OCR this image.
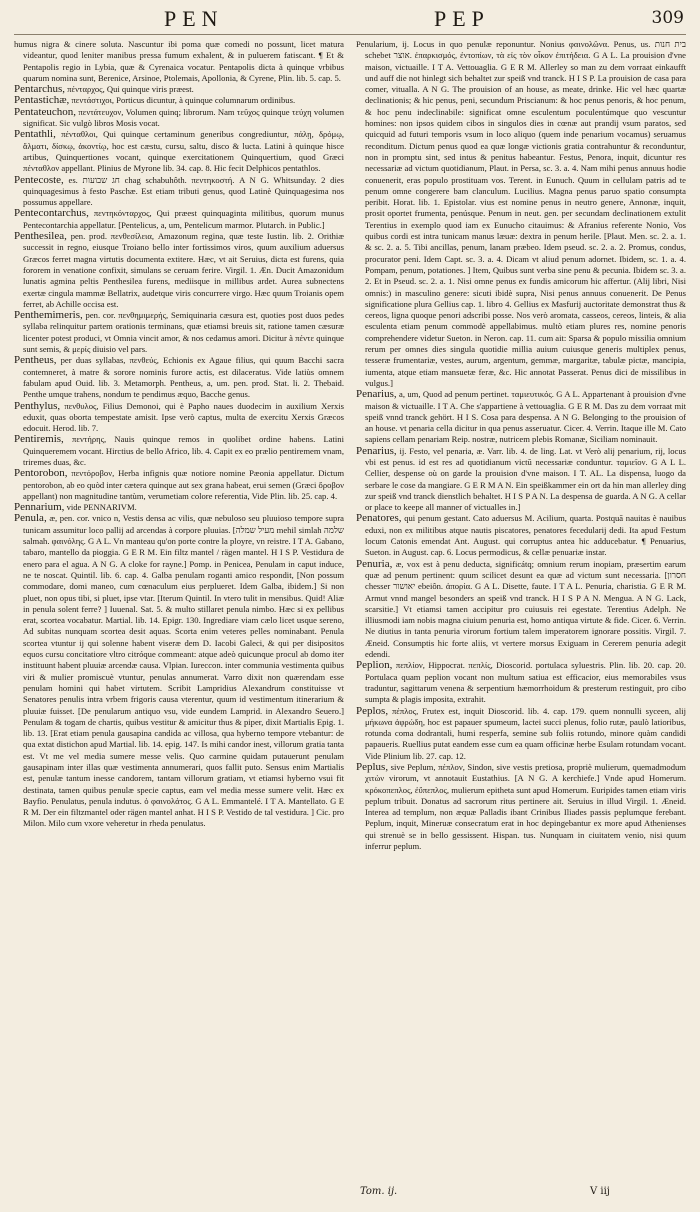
PEN	PEP	309

humus nigra & cinere soluta. Nascuntur ibi poma quæ comedi no possunt, licet matura videantur, quod leniter manibus pressa fumum exhalent, & in puluerem fatiscant. ¶ Et & Pentapolis regio in Lybia, quæ & Cyrenaica vocatur. Pentapolis dicta à quinque vrbibus quarum nomina sunt, Berenice, Arsinoe, Ptolemais, Apollonia, & Cyrene, Plin. lib. 5. cap. 5.

Pentarchus, πένταρχος, Qui quinque viris præest.

Pentastichæ, πεντάστιχοι, Porticus dicuntur, à quinque columnarum ordinibus.

Pentateuchon, πεντάτευχον, Volumen quinq; librorum. Nam τεῦχος quinque τεύχη volumen significat. Sic vulgò libros Mosis vocat.

Pentathli, πένταθλοι, Qui quinque certaminum generibus congrediuntur, πάλῃ, δρόμῳ, ἅλματι, δίσκῳ, ἀκοντίῳ, hoc est cæstu, cursu, saltu, disco & lucta. Latini à quinque hisce artibus, Quinquertiones vocant, quinque exercitationem Quinquertium, quod Græci πένταθλον appellant. Plinius de Myrone lib. 34. cap. 8. Hic fecit Delphicos pentathlos.

Pentecoste, es. חג שבועות chag schabuhôth. πεντηκοστή. A N G. Whitsunday. 2 dies quinquagesimus à festo Paschæ. Est etiam tributi genus, quod Latinè Quinquagesima nos possumus appellare.

Pentecontarchus, πεντηκόνταρχος, Qui præest quinquaginta militibus, quorum munus Pentecontarchia appellatur. [Pentelicus, a, um, Pentelicum marmor. Plutarch. in Public.]

Penthesilea, pen. prod. πενθεσίλεια, Amazonum regina, quæ teste Iustin. lib. 2. Orithiæ successit in regno, eiusque Troiano bello inter fortissimos viros, quum auxilium aduersus Græcos ferret magna virtutis documenta extitere. Hæc, vt ait Seruius, dicta est furens, quia fororem in venatione confixit, simulans se ceruam ferire. Virgil. 1. Æn. Ducit Amazonidum lunatis agmina peltis Penthesilea furens, mediisque in millibus ardet. Aurea subnectens exertæ cingula mammæ Bellatrix, audetque viris concurrere virgo. Hæc quum Troianis opem ferret, ab Achille occisa est.

Penthemimeris, pen. cor. πενθημιμερής, Semiquinaria cæsura est, quoties post duos pedes syllaba relinquitur partem orationis terminans, quæ etiamsi breuis sit, ratione tamen cæsuræ licenter potest produci, vt Omnia vincit amor, & nos cedamus amori. Dicitur à πέντε quinque sunt semis, & μερίς diuisio vel pars.

Pentheus, per duas syllabas, πενθεύς, Echionis ex Agaue filius, qui quum Bacchi sacra contemneret, à matre & sorore nominis furore actis, est dilaceratus. Vide latiùs omnem fabulam apud Ouid. lib. 3. Metamorph. Pentheus, a, um. pen. prod. Stat. li. 2. Thebaid. Penthe umque trahens, nondum te pendimus æquo, Bacche genus.

Penthylus, πενθυλος, Filius Demonoi, qui è Papho naues duodecim in auxilium Xerxis eduxit, quas oborta tempestate amisit. Ipse verò captus, multa de exercitu Xerxis Græcos edocuit. Herod. lib. 7.

Pentiremis, πεντήρης, Nauis quinque remos in quolibet ordine habens. Latini Quinqueremem vocant. Hirctius de bello Africo, lib. 4. Capit ex eo prælio pentiremem vnam, triremes duas, &c.

Pentorobon, πεντόροβον, Herba infignis quæ notiore nomine Pæonia appellatur. Dictum pentorobon, ab eo quòd inter cætera quinque aut sex grana habeat, erui semen (Græci ὄροβον appellant) non magnitudine tantùm, verumetiam colore referentia, Vide Plin. lib. 25. cap. 4.

Pennarium, vide PENNARIVM.

Penula, æ, pen. cor. vnico n, Vestis densa ac vilis, quæ nebuloso seu pluuioso tempore supra tunicam assumitur loco pallij ad arcendas à corpore pluuias. [מעיל שמלה mehil simlah שלמה salmah. φαινόλης. G A L. Vn manteau qu'on porte contre la ployre, vn reistre. I T A. Gabano, tabaro, mantello da pioggia. G E R M. Ein filtz mantel / rägen mantel. H I S P. Vestidura de enero para el agua. A N G. A cloke for rayne.] Pomp. in Penicea, Penulam in caput induce, ne te noscat. Quintil. lib. 6. cap. 4. Galba penulam roganti amico respondit, [Non possum commodare, domi maneo, cum cœnaculum eius perplueret. Idem Galba, ibidem.] Si non pluet, non opus tibi, si pluet, ipse vtar. [Iterum Quintil. In vtero tulit in mensibus. Quid! Aliæ in penula solent ferre? ] Iuuenal. Sat. 5. & multo stillaret penula nimbo. Hæc si ex pellibus erat, scortea vocabatur. Martial. lib. 14. Epigr. 130. Ingrediare viam cælo licet usque sereno, Ad subitas nunquam scortea desit aquas. Scorta enim veteres pelles nominabant. Penula scortea vtuntur ij qui solenne habent viseræ dem D. Iacobi Galeci, & qui per disipositos equos cursu concitatiore vltro citróque commeant: atque adeò quicunque procul ab domo iter instituunt habent pluuiæ arcendæ causa. Vlpian. Iureccon. inter communia vestimenta quibus viri & mulier promiscuè vtuntur, penulas annumerat. Varro dixit non quærendam esse penulam homini qui habet virtutem. Scribit Lampridius Alexandrum constituisse vt Senatores penulis intra vrbem frigoris causa vterentur, quum id vestimentum itinerarium & pluuiæ fuisset. [De penularum antiquo vsu, vide eundem Lamprid. in Alexandro Seuero.] Penulam & togam de chartis, quibus vestitur & amicitur thus & piper, dixit Martialis Epig. 1. lib. 13. [Erat etiam penula gausapina candida ac villosa, qua hyberno tempore vtebantur: de qua extat distichon apud Martial. lib. 14. epig. 147. Is mihi candor inest, villorum gratia tanta est. Vt me vel media sumere messe velis. Quo carmine quidam putauerunt penulam gausapinam inter illas quæ vestimenta annumerari, quos fallit puto. Sensus enim Martialis est, penulæ tantum inesse candorem, tantam villorum gratiam, vt etiamsi hyberno vsui fit destinata, tamen quibus penulæ specie captus, eam vel media messe sumere velit. Hæc ex Bayfio. Penulatus, penula indutus. ὁ φαινολάτος. G A L. Emmantelé. I T A. Mantellato. G E R M. Der ein filtzmantel oder rägen mantel anhat. H I S P. Vestido de tal vestidura. ] Cic. pro Milon. Milo cum vxore veheretur in rheda penulatus.

Penularium, ij. Locus in quo penulæ reponuntur. Nonius φαινολῶνα. Penus, us. בית חנות schebet אוצר. ἐπαρκισμός, ἐντοπίων, τὰ εἰς τὸν οἶκον ἐπιτήδεια. G A L. La prouision d'vne maison, victuaille. I T A. Vettouaglia. G E R M. Allerley so man zu dem vorraat einkaufft und auff die not hinlegt sich behaltet zur speiß vnd tranck. H I S P. La prouision de casa para comer, vitualla. A N G. The prouision of an house, as meate, drinke. Hic vel hæc quartæ declinationis; & hic penus, peni, secundum Priscianum: & hoc penus penoris, & hoc penum, & hoc penu indeclinabile: significat omne esculentum poculentúmque quo vescuntur homines: non ipsos quidem cibos in singulos dies in cœnæ aut prandij vsum paratos, sed quicquid ad futuri temporis vsum in loco aliquo (quem inde penarium vocamus) seruamus reconditum. Dictum penus quod ea quæ longæ victionis gratia contrahuntur & reconduntur, non in promptu sint, sed intus & penitus habeantur. Festus, Penora, inquit, dicuntur res necessariæ ad victum quotidianum, Plaut. in Persa, sc. 3. a. 4. Nam mihi penus annuus hodie conuenerit, eras populo prostituam vos. Terent. in Eunuch. Quum in cellulam patris ad te penum omne congerere bam clanculum. Lucilius. Magna penus paruo spatio consumpta peribit. Horat. lib. 1. Epistolar. vius est nomine penus in neutro genere, Annonæ, inquit, prosit oportet frumenta, penúsque. Penum in neut. gen. per secundam declinationem extulit Terentius in exemplo quod iam ex Eunucho citauimus: & Afranius referente Nonio, Vos quibus cordi est intra tunicam manus læuæ: dextra in penum herile. [Plaut. Men. sc. 2. a. 1. & sc. 2. a. 5. Tibi ancillas, penum, lanam præbeo. Idem pseud. sc. 2. a. 2. Promus, condus, procurator peni. Idem Capt. sc. 3. a. 4. Dicam vt aliud penum adornet. Ibidem, sc. 1. a. 4. Pompam, penum, potationes. ] Item, Quibus sunt verba sine penu & pecunia. Ibidem sc. 3. a. 2. Et in Pseud. sc. 2. a. 1. Nisi omne penus ex fundis amicorum hic affertur. (Alij libri, Nisi omnis:) in masculino genere: sicuti ibidè supra, Nisi penus annuus conuenerit. De Penus significatione plura Gellius cap. 1. libro 4. Gellius ex Masfurij auctoritate demonstrat thus & cereos, ligna quoque penori adscribi posse. Nos verò aromata, casseos, cereos, linteis, & alia esculenta etiam penum commodè appellabimus. multò etiam plures res, nomine penoris comprehendere videtur Sueton. in Neron. cap. 11. cum ait: Sparsa & populo missilia omnium rerum per omnes dies singula quotidie millia auium cuiusque generis multiplex penus, tesseræ frumentariæ, vestes, aurum, argentum, gemmæ, margaritæ, tabulæ pictæ, mancipia, iumenta, atque etiam mansuetæ feræ, &c. Hic annotat Passerat. Penus dici de missilibus in vulgus.]

Penarius, a, um, Quod ad penum pertinet. ταμιευτικός. G A L. Appartenant à prouision d'vne maison & victuaille. I T A. Che s'appartiene à vettouaglia. G E R M. Das zu dem vorraat mit speiß vnnd tranck gehört. H I S. Cosa para despensa. A N G. Belonging to the prouision of an house. vt penaria cella dicitur in qua penus asseruatur. Cicer. 4. Verrin. Itaque ille M. Cato sapiens cellam penariam Reip. nostræ, nutricem plebis Romanæ, Siciliam nominauit.

Penarius, ij. Festo, vel penaria, æ. Varr. lib. 4. de ling. Lat. vt Verò alij penarium, rij, locus vbi est penus. id est res ad quotidianum victū necessariæ conduntur. ταμιεῖον. G A L L. Cellier, despense où on garde la prouision d'vne maison. I T. AL. La dispensa, luogo da serbare le cose da mangiare. G E R M A N. Ein speißkammer ein ort da hin man allerley ding zur speiß vnd tranck dienstlich behaltet. H I S P A N. La despensa de guarda. A N G. A cellar or place to keepe all manner of victualles in.]

Penatores, qui penum gestant. Cato aduersus M. Acilium, quarta. Postquā nauitas è nauibus eduxi, non ex militibus atque nautis piscatores, penatores fecedularij dedi. Ita apud Festum locum Catonis emendat Ant. August. qui corruptus antea hic adducebatur. ¶ Penuarius, Sueton. in August. cap. 6. Locus permodicus, & cellæ penuariæ instar.

Penuria, æ, vox est à penu deducta, significátq; omnium rerum inopiam, præsertim earum quæ ad penum pertinent: quum scilicet desunt ea quæ ad victum sunt necessaria. [חסרון chesser יאושור ebeiôn. ἀπορία. G A L. Disette, faute. I T A L. Penuria, charistia. G E R M. Armut vnnd mangel besonders an speiß vnd tranck. H I S P A N. Mengua. A N G. Lack, scarsitie.] Vt etiamsi tamen accipitur pro cuiusuis rei egestate. Terentius Adelph. Ne illiusmodi iam nobis magna ciuium penuria est, homo antiqua virtute & fide. Cicer. 6. Verrin. Ne diutius in tanta penuria virorum fortium talem imperatorem ignorare possitis. Virgil. 7. Æneid. Consumptis hic forte aliis, vt vertere morsus Exiguam in Cererem penuria adegit edendi.

Peplion, πεπλίον, Hippocrat. πεπλίς, Dioscorid. portulaca syluestris. Plin. lib. 20. cap. 20. Portulaca quam peplion vocant non multum satiua est efficacior, eius memorabiles vsus traduntur, sagittarum venena & serpentium hæmorrhoidum & presterum restinguit, pro cibo sumpta & plagis imposita, extrahit.

Peplos, πέπλος, Frutex est, inquit Dioscorid. lib. 4. cap. 179. quem nonnulli syceen, alij μήκωνα ἀφρώδη, hoc est papauer spumeum, lactei succi plenus, folio rutæ, paulò latioribus, rotunda coma dodrantali, humi resperfa, semine sub foliis rotundo, minore quàm candidi papaueris. Ruellius putat eandem esse cum ea quam officinæ herbe Esulam rotundam vocant. Vide Plinium lib. 27. cap. 12.

Peplus, sive Peplum, πέπλον, Sindon, sive vestis pretiosa, propriè mulierum, quemadmodum χιτὼν virorum, vt annotauit Eustathius. [A N G. A kerchiefe.] Vnde apud Homerum. κρόκοπεπλος, ἐὔπεπλος, mulierum epitheta sunt apud Homerum. Euripides tamen etiam viris peplum tribuit. Donatus ad sacrorum ritus pertinere ait. Seruius in illud Virgil. 1. Æneid. Interea ad templum, non æquæ Palladis ibant Crinibus Iliades passis peplumque ferebant. Peplum, inquit, Mineruæ consecratum erat in hoc depingebantur ex more apud Athenienses qui strenuè se in bello gessissent. Hispan. tus. Nunquam in ciuitatem venio, nisi quum inferrur peplum.

Tom. ij.	V iij
